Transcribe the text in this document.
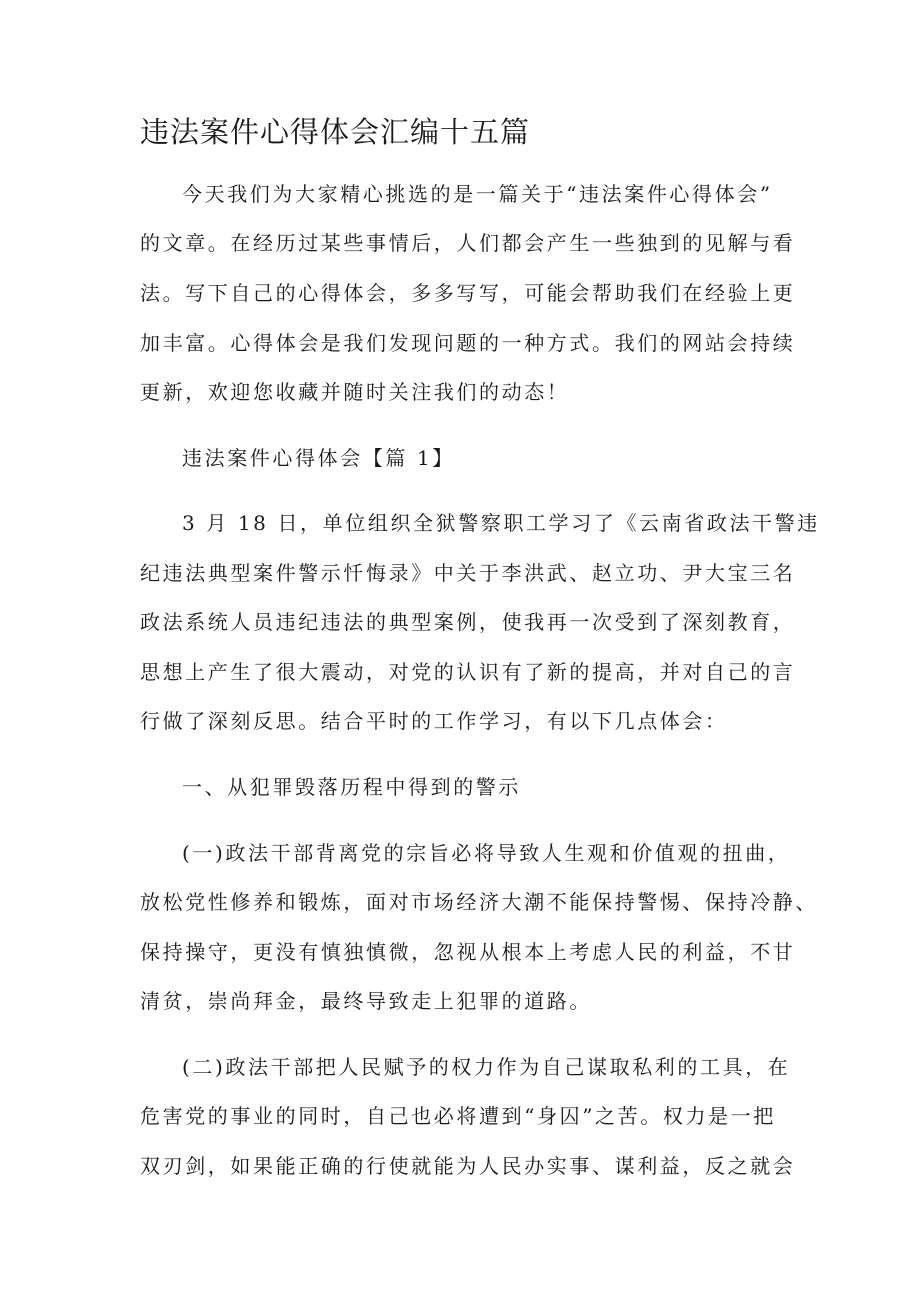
违法案件心得体会汇编十五篇

今天我们为大家精心挑选的是一篇关于“违法案件心得体会”

的文章。在经历过某些事情后，人们都会产生一些独到的见解与看

法。写下自己的心得体会，多多写写，可能会帮助我们在经验上更

加丰富。心得体会是我们发现问题的一种方式。我们的网站会持续

更新，欢迎您收藏并随时关注我们的动态！

违法案件心得体会【篇 1】

3 月 18 日，单位组织全狱警察职工学习了《云南省政法干警违

纪违法典型案件警示忏悔录》中关于李洪武、赵立功、尹大宝三名

政法系统人员违纪违法的典型案例，使我再一次受到了深刻教育，

思想上产生了很大震动，对党的认识有了新的提高，并对自己的言

行做了深刻反思。结合平时的工作学习，有以下几点体会：

一、从犯罪毁落历程中得到的警示

(一)政法干部背离党的宗旨必将导致人生观和价值观的扭曲，

放松党性修养和锻炼，面对市场经济大潮不能保持警惕、保持冷静、

保持操守，更没有慎独慎微，忽视从根本上考虑人民的利益，不甘

清贫，崇尚拜金，最终导致走上犯罪的道路。

(二)政法干部把人民赋予的权力作为自己谋取私利的工具，在

危害党的事业的同时，自己也必将遭到“身囚”之苦。权力是一把

双刃剑，如果能正确的行使就能为人民办实事、谋利益，反之就会
